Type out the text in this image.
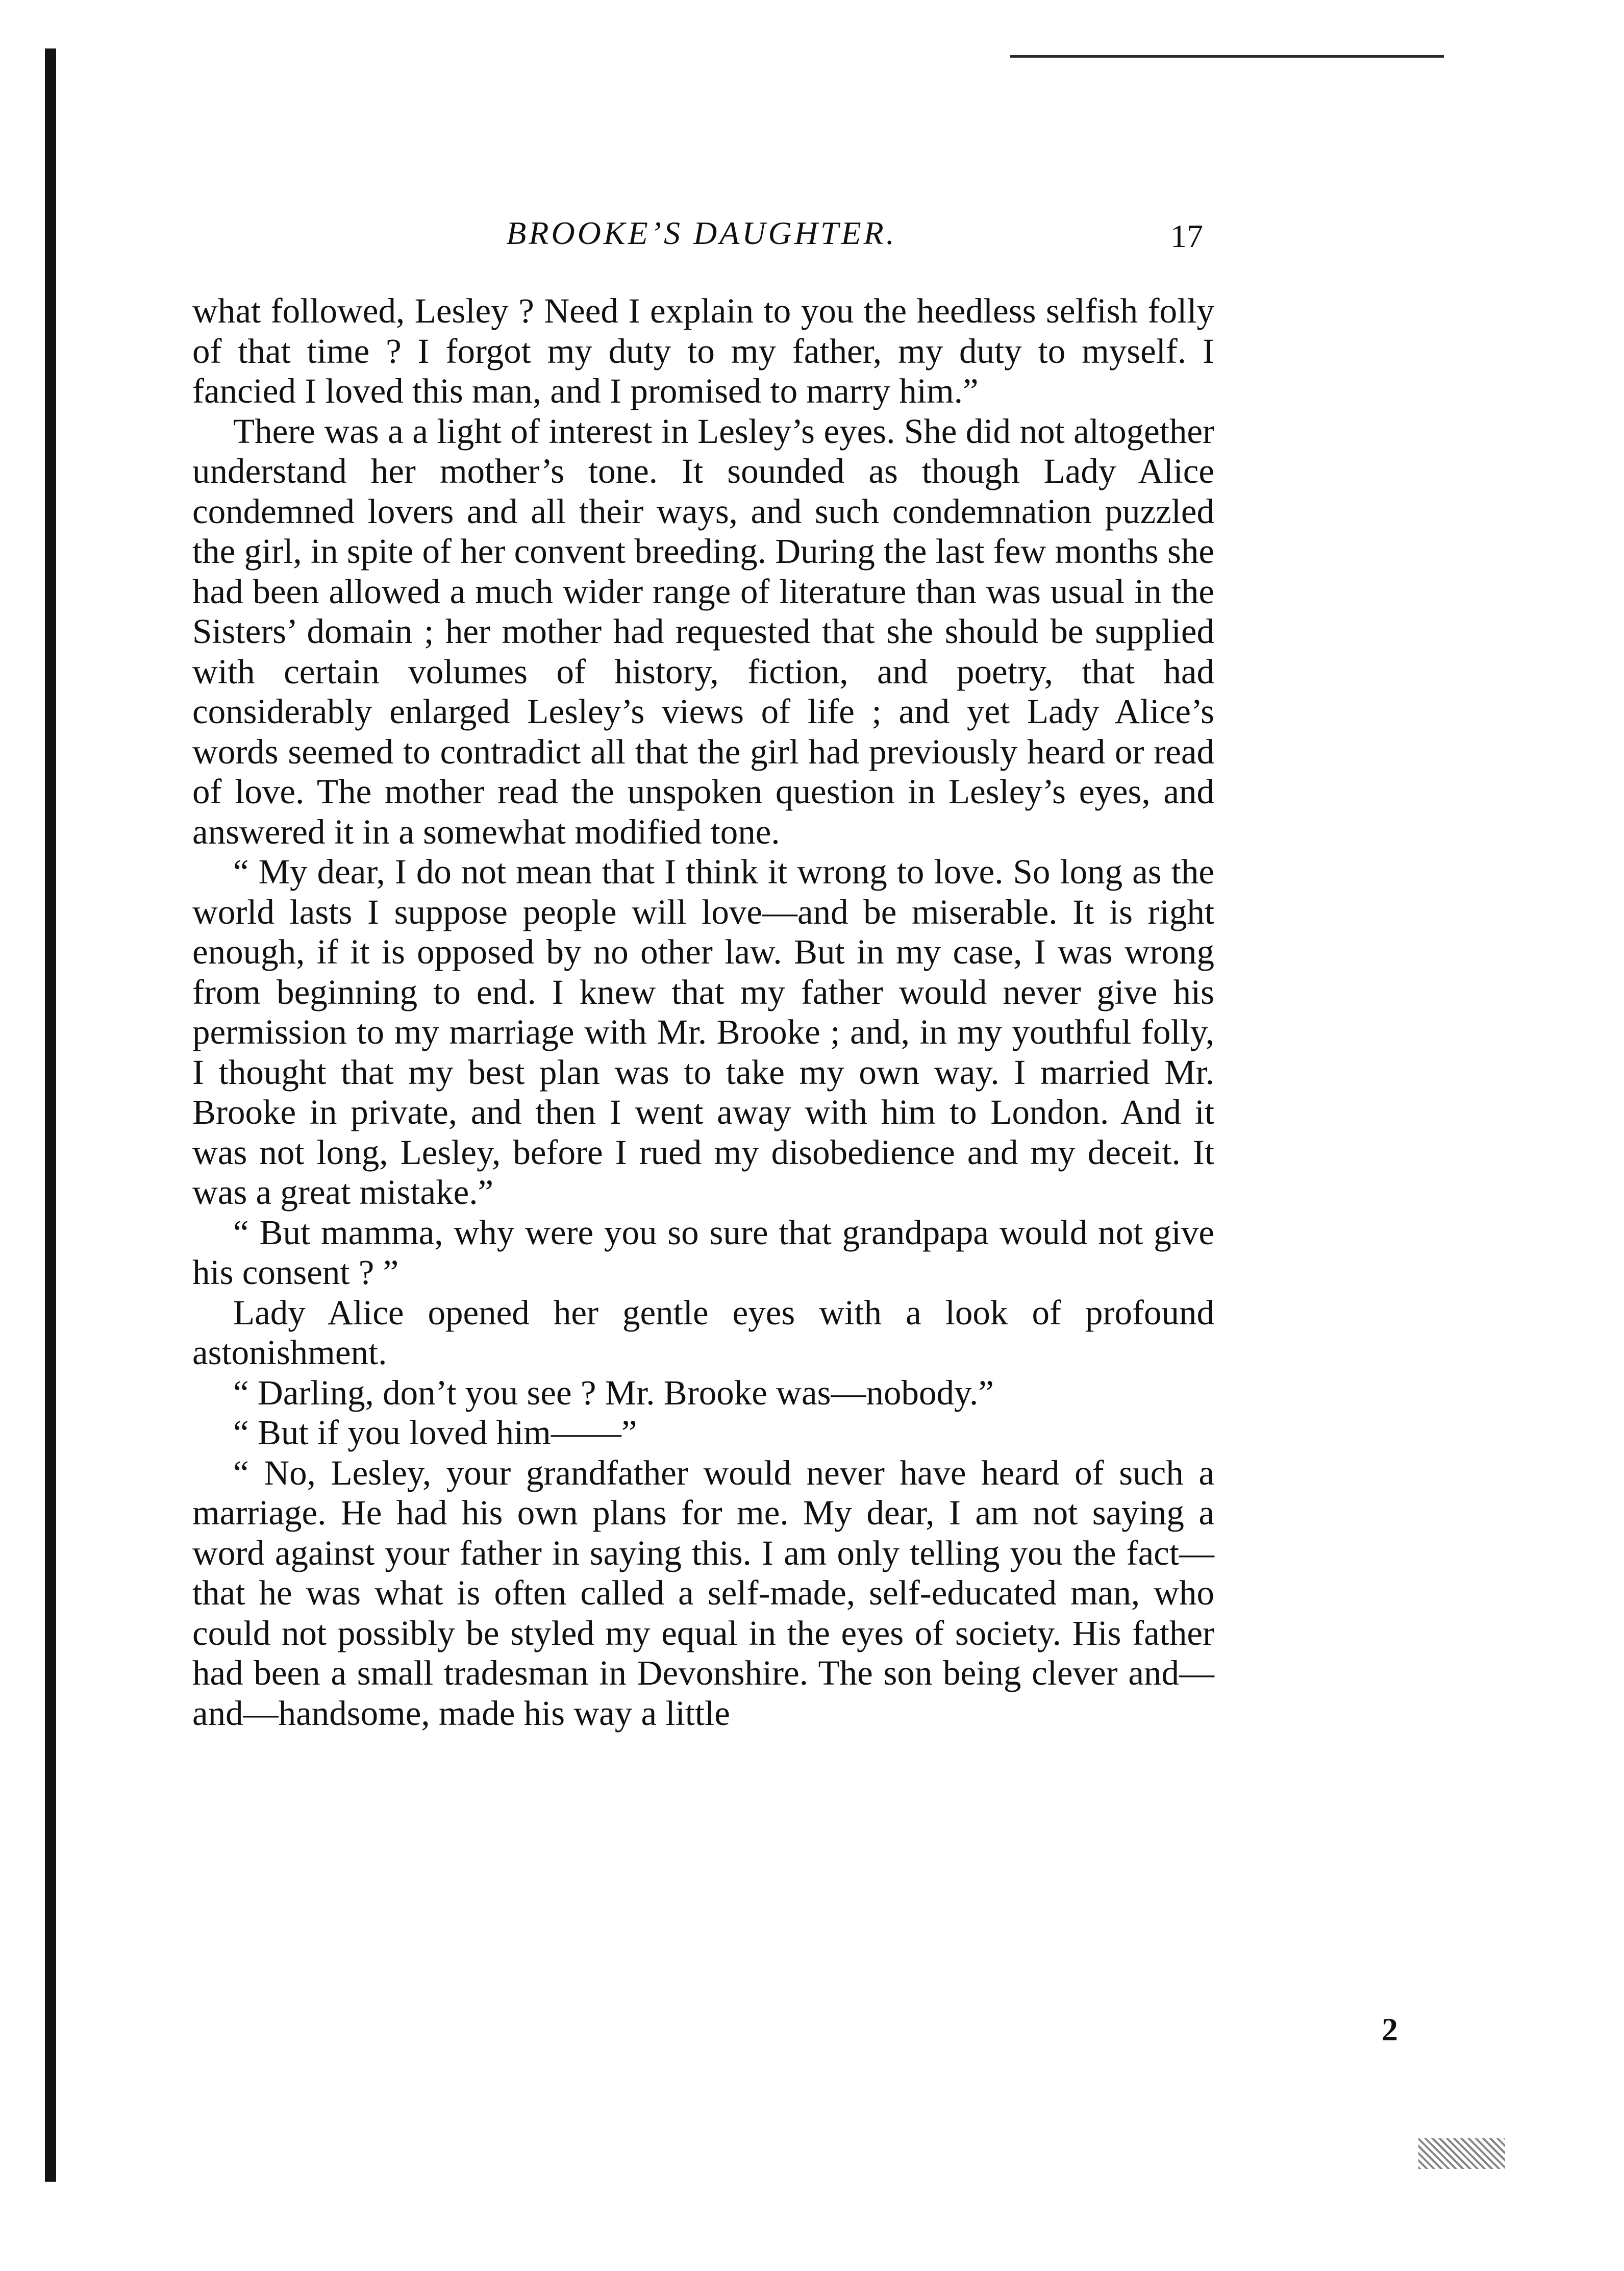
BROOKE’S DAUGHTER.	17

what followed, Lesley ? Need I explain to you the heedless selfish folly of that time ? I forgot my duty to my father, my duty to myself. I fancied I loved this man, and I promised to marry him.”

There was a a light of interest in Lesley’s eyes. She did not altogether understand her mother’s tone. It sounded as though Lady Alice condemned lovers and all their ways, and such condemnation puzzled the girl, in spite of her convent breeding. During the last few months she had been allowed a much wider range of literature than was usual in the Sisters’ domain ; her mother had requested that she should be supplied with certain volumes of history, fiction, and poetry, that had considerably enlarged Lesley’s views of life ; and yet Lady Alice’s words seemed to contradict all that the girl had previously heard or read of love. The mother read the unspoken question in Lesley’s eyes, and answered it in a somewhat modified tone.

“ My dear, I do not mean that I think it wrong to love. So long as the world lasts I suppose people will love—and be miserable. It is right enough, if it is opposed by no other law. But in my case, I was wrong from beginning to end. I knew that my father would never give his permission to my marriage with Mr. Brooke ; and, in my youthful folly, I thought that my best plan was to take my own way. I married Mr. Brooke in private, and then I went away with him to London. And it was not long, Lesley, before I rued my disobedience and my deceit. It was a great mistake.”

“ But mamma, why were you so sure that grandpapa would not give his consent ? ”

Lady Alice opened her gentle eyes with a look of profound astonishment.

“ Darling, don’t you see ? Mr. Brooke was—nobody.”

“ But if you loved him——”

“ No, Lesley, your grandfather would never have heard of such a marriage. He had his own plans for me. My dear, I am not saying a word against your father in saying this. I am only telling you the fact—that he was what is often called a self-made, self-educated man, who could not possibly be styled my equal in the eyes of society. His father had been a small tradesman in Devonshire. The son being clever and—and—handsome, made his way a little

2
